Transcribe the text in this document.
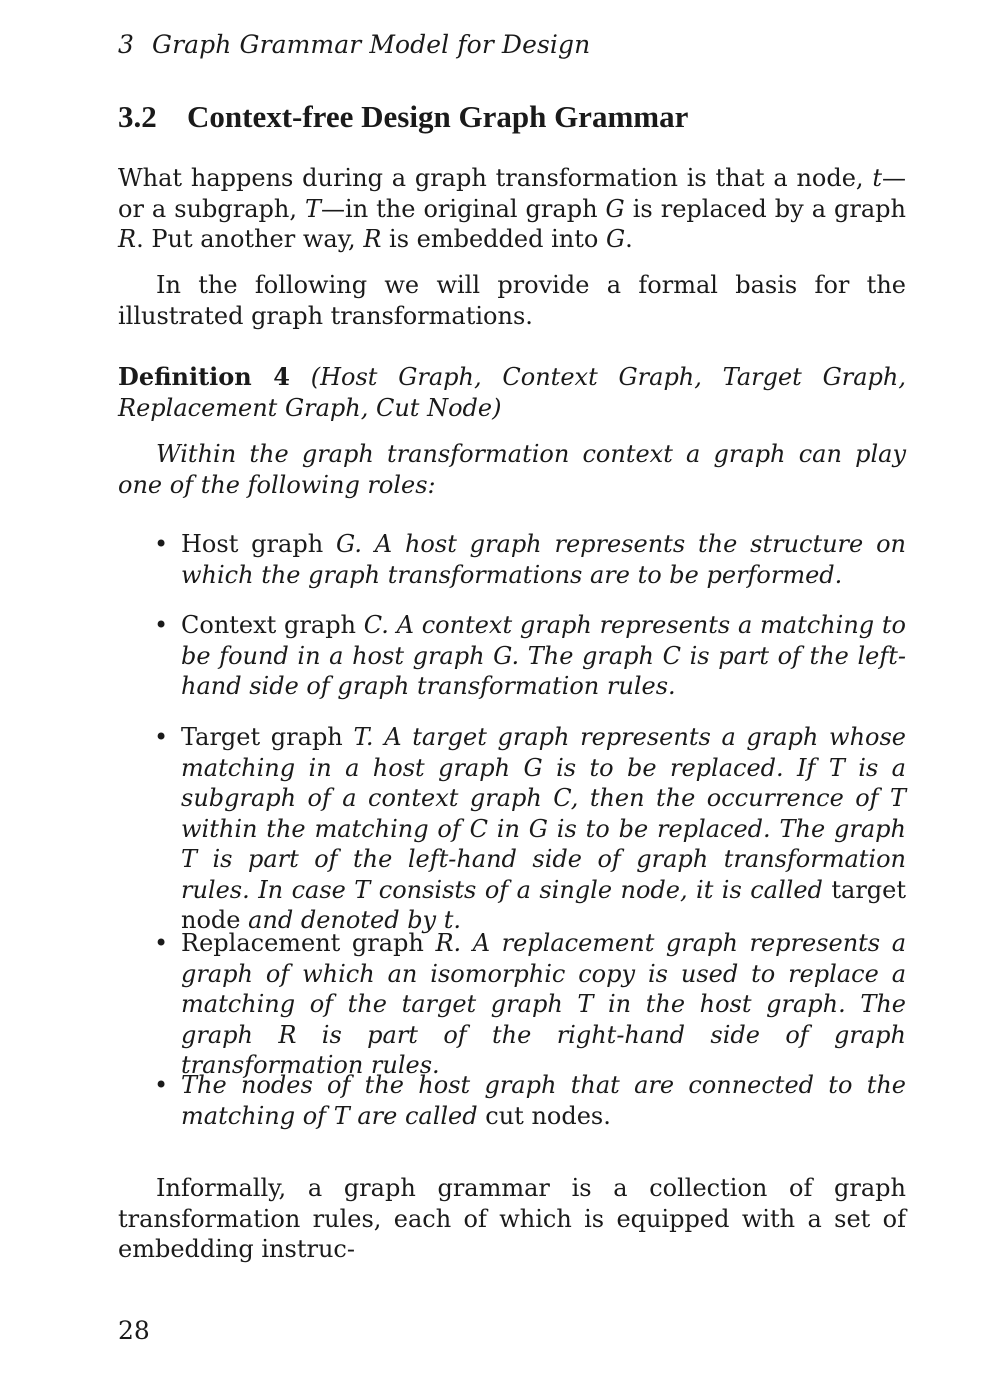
3 Graph Grammar Model for Design
3.2 Context-free Design Graph Grammar

What happens during a graph transformation is that a node, t—or a subgraph, T—in the original graph G is replaced by a graph R. Put another way, R is embedded into G.

In the following we will provide a formal basis for the illustrated graph transformations.

Definition 4 (Host Graph, Context Graph, Target Graph, Replacement Graph, Cut Node)

Within the graph transformation context a graph can play one of the following roles:

• Host graph G. A host graph represents the structure on which the graph transformations are to be performed.
• Context graph C. A context graph represents a matching to be found in a host graph G. The graph C is part of the left-hand side of graph transformation rules.
• Target graph T. A target graph represents a graph whose matching in a host graph G is to be replaced. If T is a subgraph of a context graph C, then the occurrence of T within the matching of C in G is to be replaced. The graph T is part of the left-hand side of graph transformation rules. In case T consists of a single node, it is called target node and denoted by t.
• Replacement graph R. A replacement graph represents a graph of which an isomorphic copy is used to replace a matching of the target graph T in the host graph. The graph R is part of the right-hand side of graph transformation rules.
• The nodes of the host graph that are connected to the matching of T are called cut nodes.

Informally, a graph grammar is a collection of graph transformation rules, each of which is equipped with a set of embedding instruc-

28
